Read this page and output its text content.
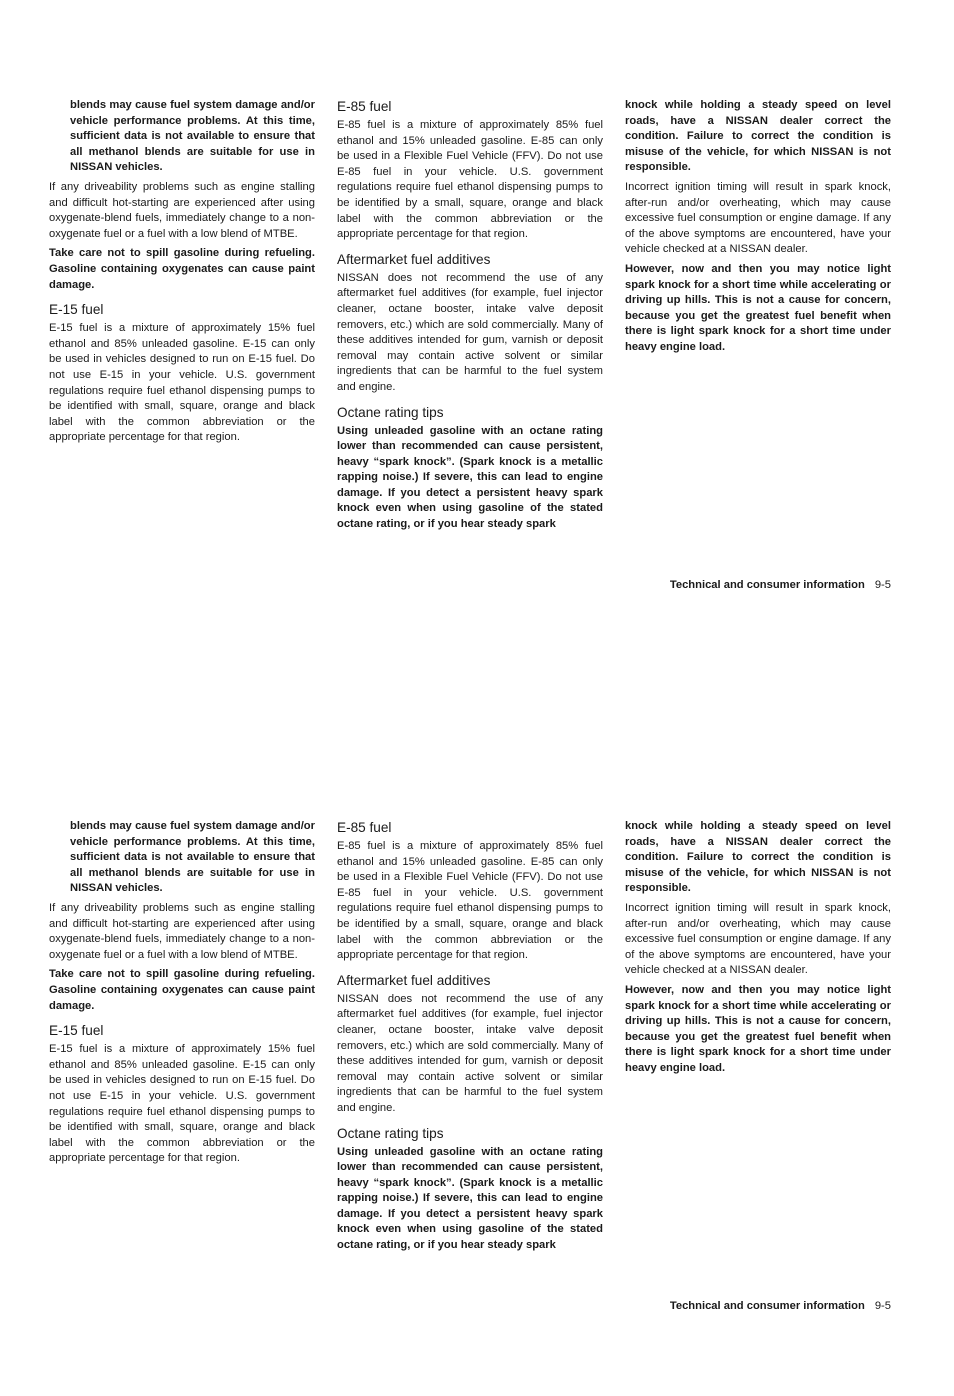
blends may cause fuel system damage and/or vehicle performance problems. At this time, sufficient data is not available to ensure that all methanol blends are suitable for use in NISSAN vehicles.

If any driveability problems such as engine stalling and difficult hot-starting are experienced after using oxygenate-blend fuels, immediately change to a non-oxygenate fuel or a fuel with a low blend of MTBE.

Take care not to spill gasoline during refueling. Gasoline containing oxygenates can cause paint damage.

E-15 fuel

E-15 fuel is a mixture of approximately 15% fuel ethanol and 85% unleaded gasoline. E-15 can only be used in vehicles designed to run on E-15 fuel. Do not use E-15 in your vehicle. U.S. government regulations require fuel ethanol dispensing pumps to be identified with small, square, orange and black label with the common abbreviation or the appropriate percentage for that region.

E-85 fuel

E-85 fuel is a mixture of approximately 85% fuel ethanol and 15% unleaded gasoline. E-85 can only be used in a Flexible Fuel Vehicle (FFV). Do not use E-85 fuel in your vehicle. U.S. government regulations require fuel ethanol dispensing pumps to be identified by a small, square, orange and black label with the common abbreviation or the appropriate percentage for that region.

Aftermarket fuel additives

NISSAN does not recommend the use of any aftermarket fuel additives (for example, fuel injector cleaner, octane booster, intake valve deposit removers, etc.) which are sold commercially. Many of these additives intended for gum, varnish or deposit removal may contain active solvent or similar ingredients that can be harmful to the fuel system and engine.

Octane rating tips

Using unleaded gasoline with an octane rating lower than recommended can cause persistent, heavy “spark knock”. (Spark knock is a metallic rapping noise.) If severe, this can lead to engine damage. If you detect a persistent heavy spark knock even when using gasoline of the stated octane rating, or if you hear steady spark

knock while holding a steady speed on level roads, have a NISSAN dealer correct the condition. Failure to correct the condition is misuse of the vehicle, for which NISSAN is not responsible.

Incorrect ignition timing will result in spark knock, after-run and/or overheating, which may cause excessive fuel consumption or engine damage. If any of the above symptoms are encountered, have your vehicle checked at a NISSAN dealer.

However, now and then you may notice light spark knock for a short time while accelerating or driving up hills. This is not a cause for concern, because you get the greatest fuel benefit when there is light spark knock for a short time under heavy engine load.

Technical and consumer information 9-5

blends may cause fuel system damage and/or vehicle performance problems. At this time, sufficient data is not available to ensure that all methanol blends are suitable for use in NISSAN vehicles.

If any driveability problems such as engine stalling and difficult hot-starting are experienced after using oxygenate-blend fuels, immediately change to a non-oxygenate fuel or a fuel with a low blend of MTBE.

Take care not to spill gasoline during refueling. Gasoline containing oxygenates can cause paint damage.

E-15 fuel

E-15 fuel is a mixture of approximately 15% fuel ethanol and 85% unleaded gasoline. E-15 can only be used in vehicles designed to run on E-15 fuel. Do not use E-15 in your vehicle. U.S. government regulations require fuel ethanol dispensing pumps to be identified with small, square, orange and black label with the common abbreviation or the appropriate percentage for that region.

E-85 fuel

E-85 fuel is a mixture of approximately 85% fuel ethanol and 15% unleaded gasoline. E-85 can only be used in a Flexible Fuel Vehicle (FFV). Do not use E-85 fuel in your vehicle. U.S. government regulations require fuel ethanol dispensing pumps to be identified by a small, square, orange and black label with the common abbreviation or the appropriate percentage for that region.

Aftermarket fuel additives

NISSAN does not recommend the use of any aftermarket fuel additives (for example, fuel injector cleaner, octane booster, intake valve deposit removers, etc.) which are sold commercially. Many of these additives intended for gum, varnish or deposit removal may contain active solvent or similar ingredients that can be harmful to the fuel system and engine.

Octane rating tips

Using unleaded gasoline with an octane rating lower than recommended can cause persistent, heavy “spark knock”. (Spark knock is a metallic rapping noise.) If severe, this can lead to engine damage. If you detect a persistent heavy spark knock even when using gasoline of the stated octane rating, or if you hear steady spark

knock while holding a steady speed on level roads, have a NISSAN dealer correct the condition. Failure to correct the condition is misuse of the vehicle, for which NISSAN is not responsible.

Incorrect ignition timing will result in spark knock, after-run and/or overheating, which may cause excessive fuel consumption or engine damage. If any of the above symptoms are encountered, have your vehicle checked at a NISSAN dealer.

However, now and then you may notice light spark knock for a short time while accelerating or driving up hills. This is not a cause for concern, because you get the greatest fuel benefit when there is light spark knock for a short time under heavy engine load.

Technical and consumer information 9-5
